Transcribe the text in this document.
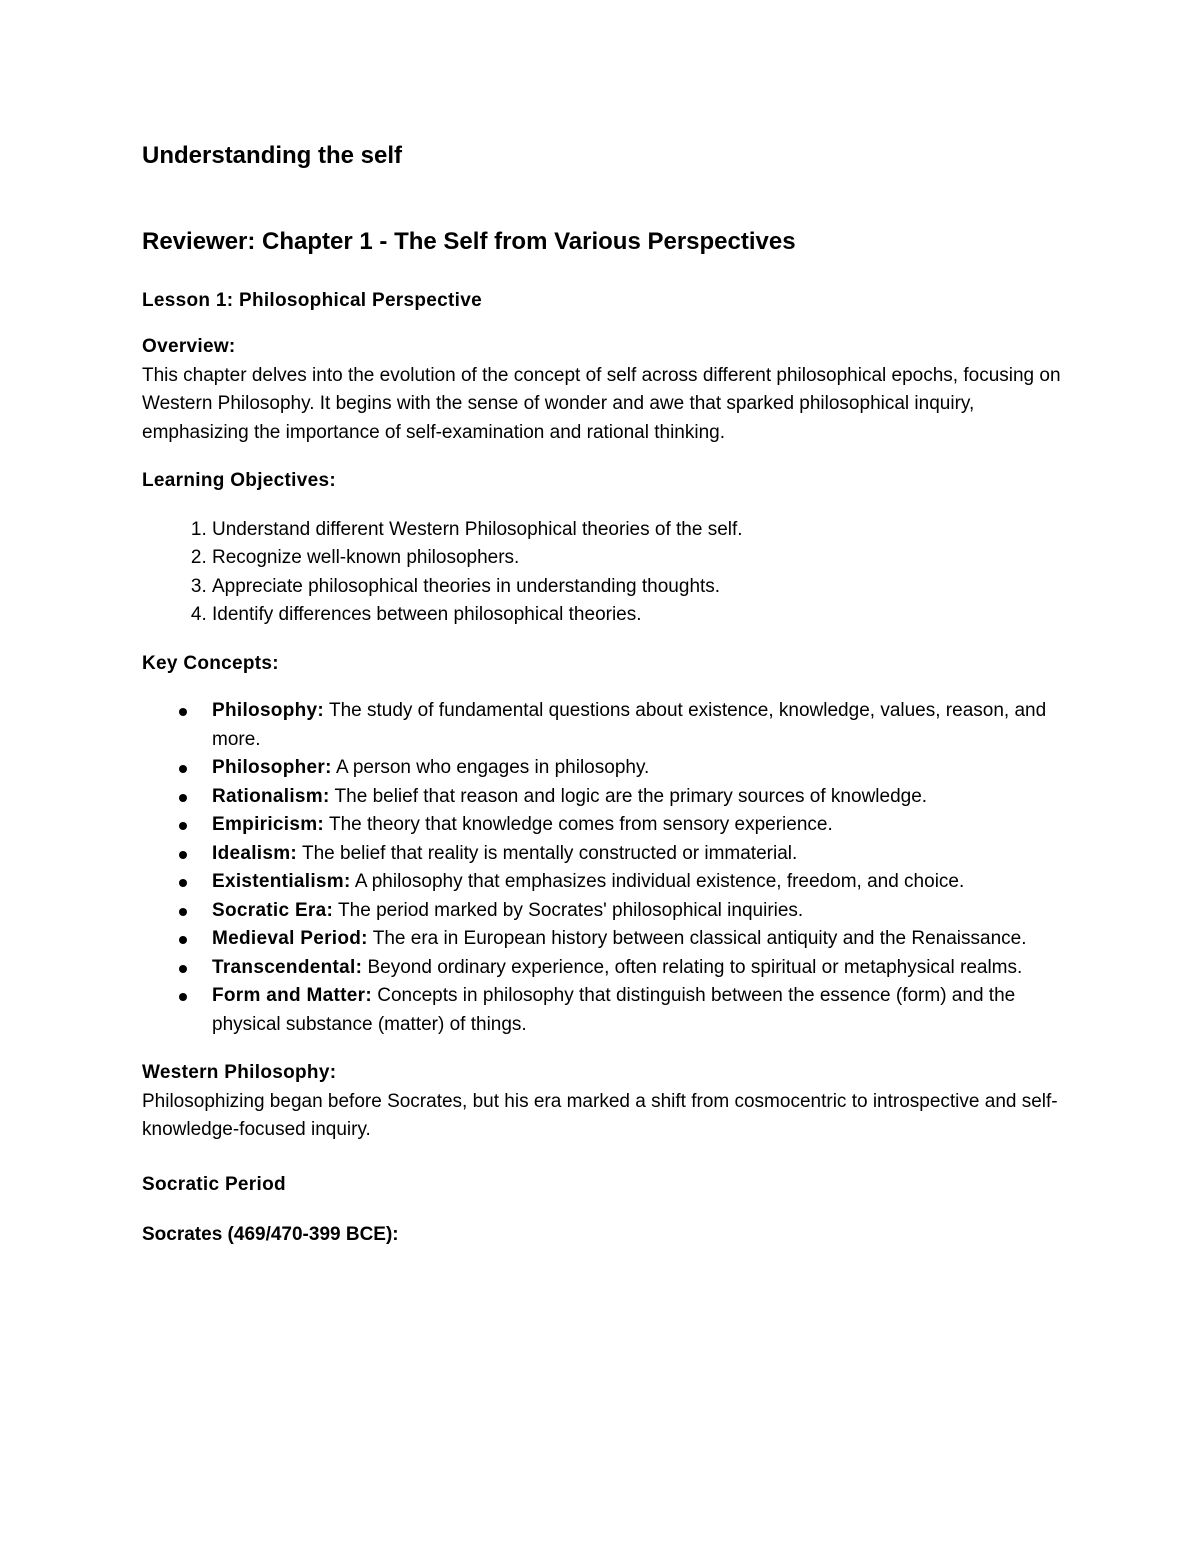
Understanding the self
Reviewer: Chapter 1 - The Self from Various Perspectives
Lesson 1: Philosophical Perspective

Overview:

This chapter delves into the evolution of the concept of self across different philosophical epochs, focusing on Western Philosophy. It begins with the sense of wonder and awe that sparked philosophical inquiry, emphasizing the importance of self-examination and rational thinking.

Learning Objectives:

1. Understand different Western Philosophical theories of the self.
2. Recognize well-known philosophers.
3. Appreciate philosophical theories in understanding thoughts.
4. Identify differences between philosophical theories.

Key Concepts:

Philosophy: The study of fundamental questions about existence, knowledge, values, reason, and more.
Philosopher: A person who engages in philosophy.
Rationalism: The belief that reason and logic are the primary sources of knowledge.
Empiricism: The theory that knowledge comes from sensory experience.
Idealism: The belief that reality is mentally constructed or immaterial.
Existentialism: A philosophy that emphasizes individual existence, freedom, and choice.
Socratic Era: The period marked by Socrates' philosophical inquiries.
Medieval Period: The era in European history between classical antiquity and the Renaissance.
Transcendental: Beyond ordinary experience, often relating to spiritual or metaphysical realms.
Form and Matter: Concepts in philosophy that distinguish between the essence (form) and the physical substance (matter) of things.

Western Philosophy:

Philosophizing began before Socrates, but his era marked a shift from cosmocentric to introspective and self-knowledge-focused inquiry.

Socratic Period

Socrates (469/470-399 BCE):
